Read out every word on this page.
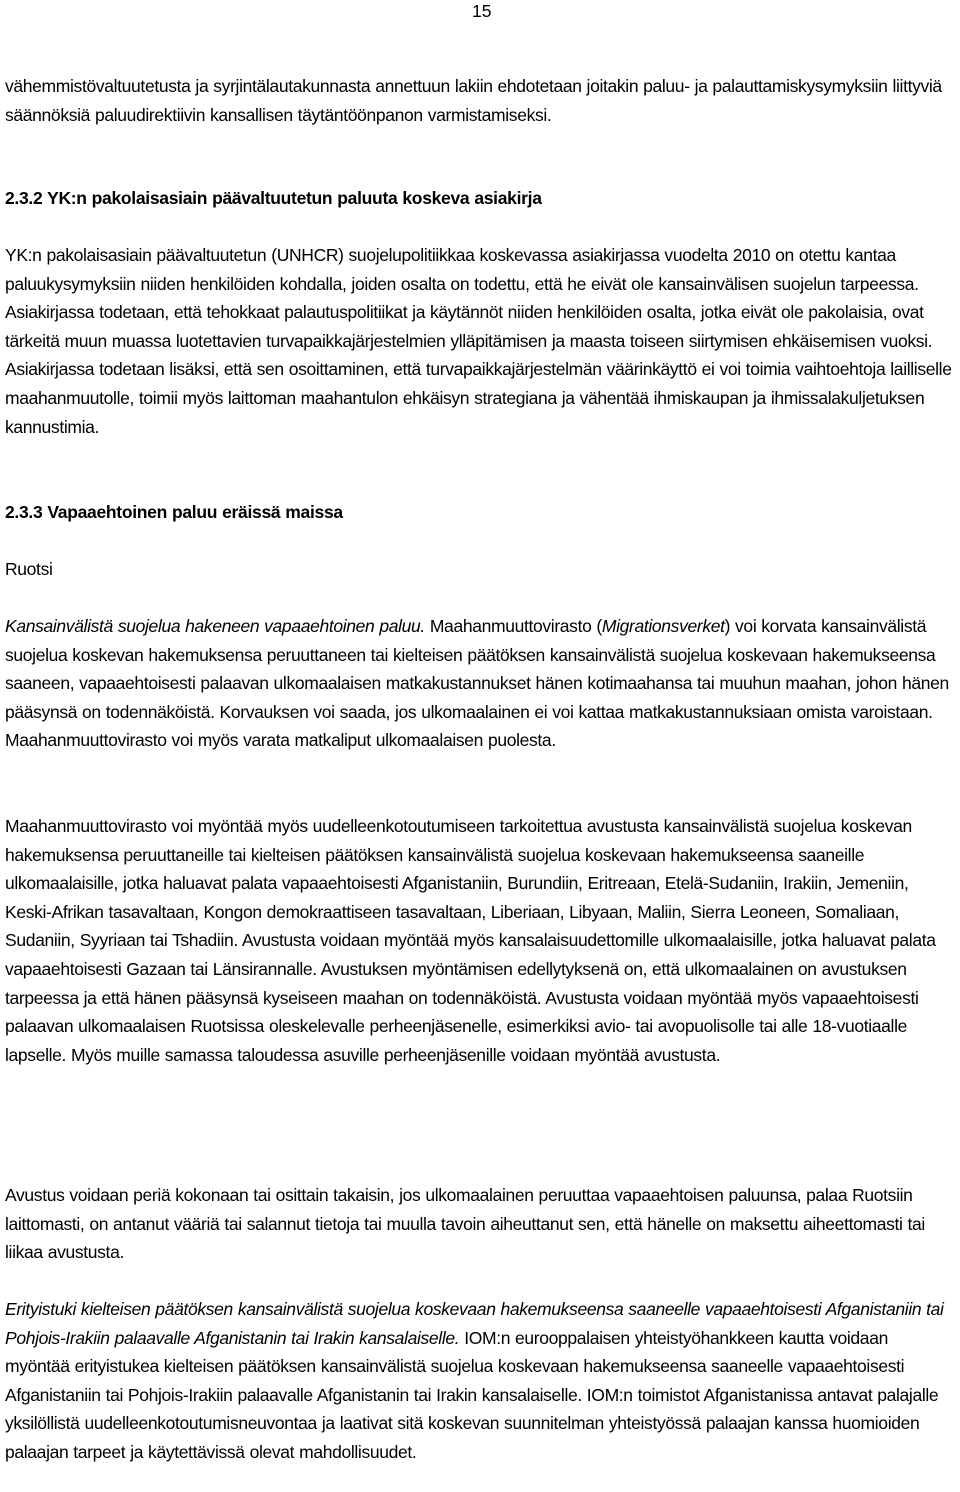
15
vähemmistövaltuutetusta ja syrjintälautakunnasta annettuun lakiin ehdotetaan joitakin paluu- ja palauttamiskysymyksiin liittyviä säännöksiä paluudirektiivin kansallisen täytäntöönpanon varmistamiseksi.
2.3.2 YK:n pakolaisasiain päävaltuutetun paluuta koskeva asiakirja
YK:n pakolaisasiain päävaltuutetun (UNHCR) suojelupolitiikkaa koskevassa asiakirjassa vuodelta 2010 on otettu kantaa paluukysymyksiin niiden henkilöiden kohdalla, joiden osalta on todettu, että he eivät ole kansainvälisen suojelun tarpeessa. Asiakirjassa todetaan, että tehokkaat palautuspolitiikat ja käytännöt niiden henkilöiden osalta, jotka eivät ole pakolaisia, ovat tärkeitä muun muassa luotettavien turvapaikkajärjestelmien ylläpitämisen ja maasta toiseen siirtymisen ehkäisemisen vuoksi. Asiakirjassa todetaan lisäksi, että sen osoittaminen, että turvapaikkajärjestelmän väärinkäyttö ei voi toimia vaihtoehtoja lailliselle maahanmuutolle, toimii myös laittoman maahantulon ehkäisyn strategiana ja vähentää ihmiskaupan ja ihmissalakuljetuksen kannustimia.
2.3.3 Vapaaehtoinen paluu eräissä maissa
Ruotsi
Kansainvälistä suojelua hakeneen vapaaehtoinen paluu. Maahanmuuttovirasto (Migrationsverket) voi korvata kansainvälistä suojelua koskevan hakemuksensa peruuttaneen tai kielteisen päätöksen kansainvälistä suojelua koskevaan hakemukseensa saaneen, vapaaehtoisesti palaavan ulkomaalaisen matkakustannukset hänen kotimaahansa tai muuhun maahan, johon hänen pääsynsä on todennäköistä. Korvauksen voi saada, jos ulkomaalainen ei voi kattaa matkakustannuksiaan omista varoistaan. Maahanmuuttovirasto voi myös varata matkaliput ulkomaalaisen puolesta.
Maahanmuuttovirasto voi myöntää myös uudelleenkotoutumiseen tarkoitettua avustusta kansainvälistä suojelua koskevan hakemuksensa peruuttaneille tai kielteisen päätöksen kansainvälistä suojelua koskevaan hakemukseensa saaneille ulkomaalaisille, jotka haluavat palata vapaaehtoisesti Afganistaniin, Burundiin, Eritreaan, Etelä-Sudaniin, Irakiin, Jemeniin, Keski-Afrikan tasavaltaan, Kongon demokraattiseen tasavaltaan, Liberiaan, Libyaan, Maliin, Sierra Leoneen, Somaliaan, Sudaniin, Syyriaan tai Tshadiin. Avustusta voidaan myöntää myös kansalaisuudettomille ulkomaalaisille, jotka haluavat palata vapaaehtoisesti Gazaan tai Länsirannalle. Avustuksen myöntämisen edellytyksenä on, että ulkomaalainen on avustuksen tarpeessa ja että hänen pääsynsä kyseiseen maahan on todennäköistä. Avustusta voidaan myöntää myös vapaaehtoisesti palaavan ulkomaalaisen Ruotsissa oleskelevalle perheenjäsenelle, esimerkiksi avio- tai avopuolisolle tai alle 18-vuotiaalle lapselle. Myös muille samassa taloudessa asuville perheenjäsenille voidaan myöntää avustusta.
Avustus voidaan periä kokonaan tai osittain takaisin, jos ulkomaalainen peruuttaa vapaaehtoisen paluunsa, palaa Ruotsiin laittomasti, on antanut vääriä tai salannut tietoja tai muulla tavoin aiheuttanut sen, että hänelle on maksettu aiheettomasti tai liikaa avustusta.
Erityistuki kielteisen päätöksen kansainvälistä suojelua koskevaan hakemukseensa saaneelle vapaaehtoisesti Afganistaniin tai Pohjois-Irakiin palaavalle Afganistanin tai Irakin kansalaiselle. IOM:n eurooppalaisen yhteistyöhankkeen kautta voidaan myöntää erityistukea kielteisen päätöksen kansainvälistä suojelua koskevaan hakemukseensa saaneelle vapaaehtoisesti Afganistaniin tai Pohjois-Irakiin palaavalle Afganistanin tai Irakin kansalaiselle. IOM:n toimistot Afganistanissa antavat palajalle yksilöllistä uudelleenkotoutumisneuvontaa ja laativat sitä koskevan suunnitelman yhteistyössä palaajan kanssa huomioiden palaajan tarpeet ja käytettävissä olevat mahdollisuudet.
